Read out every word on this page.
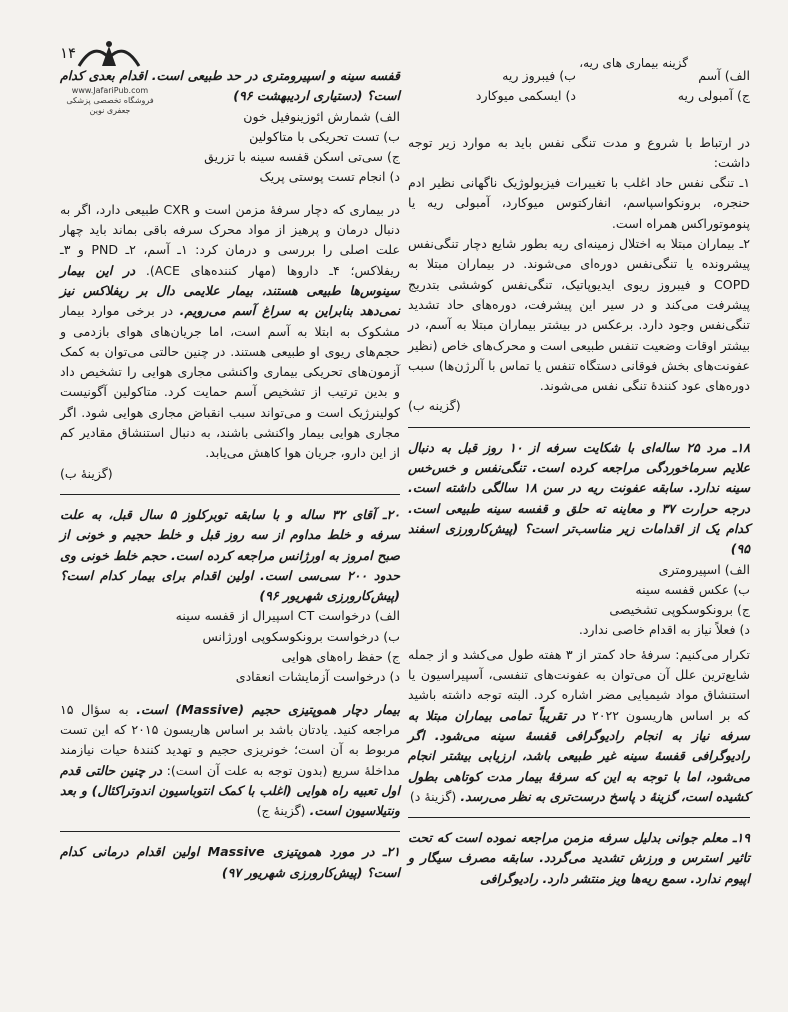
۱۴
گزینه بیماری های ریه،
www.JafariPub.com
فروشگاه تخصصی پزشکی جعفری نوین

الف) آسم

ب) فیبروز ریه

ج) آمبولی ریه

د) ایسکمی میوکارد

در ارتباط با شروع و مدت تنگی نفس باید به موارد زیر توجه داشت:

۱ـ تنگی نفس حاد اغلب با تغییرات فیزیولوژیک ناگهانی نظیر ادم حنجره، برونکواسپاسم، انفارکتوس میوکارد، آمبولی ریه یا پنوموتوراکس همراه است.

۲ـ بیماران مبتلا به اختلال زمینه‌ای ریه بطور شایع دچار تنگی‌نفس پیشرونده یا تنگی‌نفس دوره‌ای می‌شوند. در بیماران مبتلا به COPD و فیبروز ریوی ایدیوپاتیک، تنگی‌نفس کوششی بتدریج پیشرفت می‌کند و در سیر این پیشرفت، دوره‌های حاد تشدید تنگی‌نفس وجود دارد. برعکس در بیشتر بیماران مبتلا به آسم، در بیشتر اوقات وضعیت تنفس طبیعی است و محرک‌های خاص (نظیر عفونت‌های بخش فوقانی دستگاه تنفس یا تماس با آلرژن‌ها) سبب دوره‌های عود کنندهٔ تنگی نفس می‌شوند.

(گزینه ب)

۱۸ـ مرد ۲۵ ساله‌ای با شکایت سرفه از ۱۰ روز قبل به دنبال علایم سرماخوردگی مراجعه کرده است. تنگی‌نفس و خس‌خس سینه ندارد. سابقه عفونت ریه در سن ۱۸ سالگی داشته است. درجه حرارت ۳۷ و معاینه ته حلق و قفسه سینه طبیعی است. کدام یک از اقدامات زیر مناسب‌تر است؟ (پیش‌کارورزی اسفند ۹۵)

الف) اسپیرومتری

ب) عکس قفسه سینه

ج) برونکوسکوپی تشخیصی

د) فعلاً نیاز به اقدام خاصی ندارد.

تکرار می‌کنیم: سرفهٔ حاد کمتر از ۳ هفته طول می‌کشد و از جمله شایع‌ترین علل آن می‌توان به عفونت‌های تنفسی، آسپیراسیون یا استنشاق مواد شیمیایی مضر اشاره کرد. البته توجه داشته باشید که بر اساس هاریسون ۲۰۲۲ در تقریباً تمامی بیماران مبتلا به سرفه نیاز به انجام رادیوگرافی قفسهٔ سینه می‌شود. اگر رادیوگرافی قفسهٔ سینه غیر طبیعی باشد، ارزیابی بیشتر انجام می‌شود، اما با توجه به این که سرفهٔ بیمار مدت کوتاهی بطول کشیده است، گزینهٔ د پاسخ درست‌تری به نظر می‌رسد. (گزینهٔ د)

۱۹ـ معلم جوانی بدلیل سرفه مزمن مراجعه نموده است که تحت تاثیر استرس و ورزش تشدید می‌گردد. سابقه مصرف سیگار و اپیوم ندارد. سمع ریه‌ها ویز منتشر دارد. رادیوگرافی

قفسه سینه و اسپیرومتری در حد طبیعی است. اقدام بعدی کدام است؟ (دستیاری اردیبهشت ۹۶)

الف) شمارش ائوزینوفیل خون

ب) تست تحریکی با متاکولین

ج) سی‌تی اسکن قفسه سینه با تزریق

د) انجام تست پوستی پریک

در بیماری که دچار سرفهٔ مزمن است و CXR طبیعی دارد، اگر به دنبال درمان و پرهیز از مواد محرک سرفه باقی بماند باید چهار علت اصلی را بررسی و درمان کرد: ۱ـ آسم، ۲ـ PND و ۳ـ ریفلاکس؛ ۴ـ داروها (مهار کننده‌های ACE). در این بیمار سینوس‌ها طبیعی هستند، بیمار علایمی دال بر ریفلاکس نیز نمی‌دهد بنابراین به سراغ آسم می‌رویم. در برخی موارد بیمار مشکوک به ابتلا به آسم است، اما جریان‌های هوای بازدمی و حجم‌های ریوی او طبیعی هستند. در چنین حالتی می‌توان به کمک آزمون‌های تحریکی بیماری واکنشی مجاری هوایی را تشخیص داد و بدین ترتیب از تشخیص آسم حمایت کرد. متاکولین آگونیست کولینرژیک است و می‌تواند سبب انقباض مجاری هوایی شود. اگر مجاری هوایی بیمار واکنشی باشند، به دنبال استنشاق مقادیر کم از این دارو، جریان هوا کاهش می‌یابد.

(گزینهٔ ب)

۲۰ـ آقای ۳۲ ساله و با سابقه توبرکلوز ۵ سال قبل، به علت سرفه و خلط مداوم از سه روز قبل و خلط حجیم و خونی از صبح امروز به اورژانس مراجعه کرده است. حجم خلط خونی وی حدود ۲۰۰ سی‌سی است. اولین اقدام برای بیمار کدام است؟ (پیش‌کارورزی شهریور ۹۶)

الف) درخواست CT اسپیرال از قفسه سینه

ب) درخواست برونکوسکوپی اورژانس

ج) حفظ راه‌های هوایی

د) درخواست آزمایشات انعقادی

بیمار دچار هموپتیزی حجیم (Massive) است. به سؤال ۱۵ مراجعه کنید. یادتان باشد بر اساس هاریسون ۲۰۱۵ که این تست مربوط به آن است؛ خونریزی حجیم و تهدید کنندهٔ حیات نیازمند مداخلهٔ سریع (بدون توجه به علت آن است): در چنین حالتی قدم اول تعبیه راه هوایی (اغلب با کمک انتوباسیون اندوتراکئال) و بعد ونتیلاسیون است. (گزینهٔ ج)

۲۱ـ در مورد هموپتیزی Massive اولین اقدام درمانی کدام است؟ (پیش‌کارورزی شهریور ۹۷)
